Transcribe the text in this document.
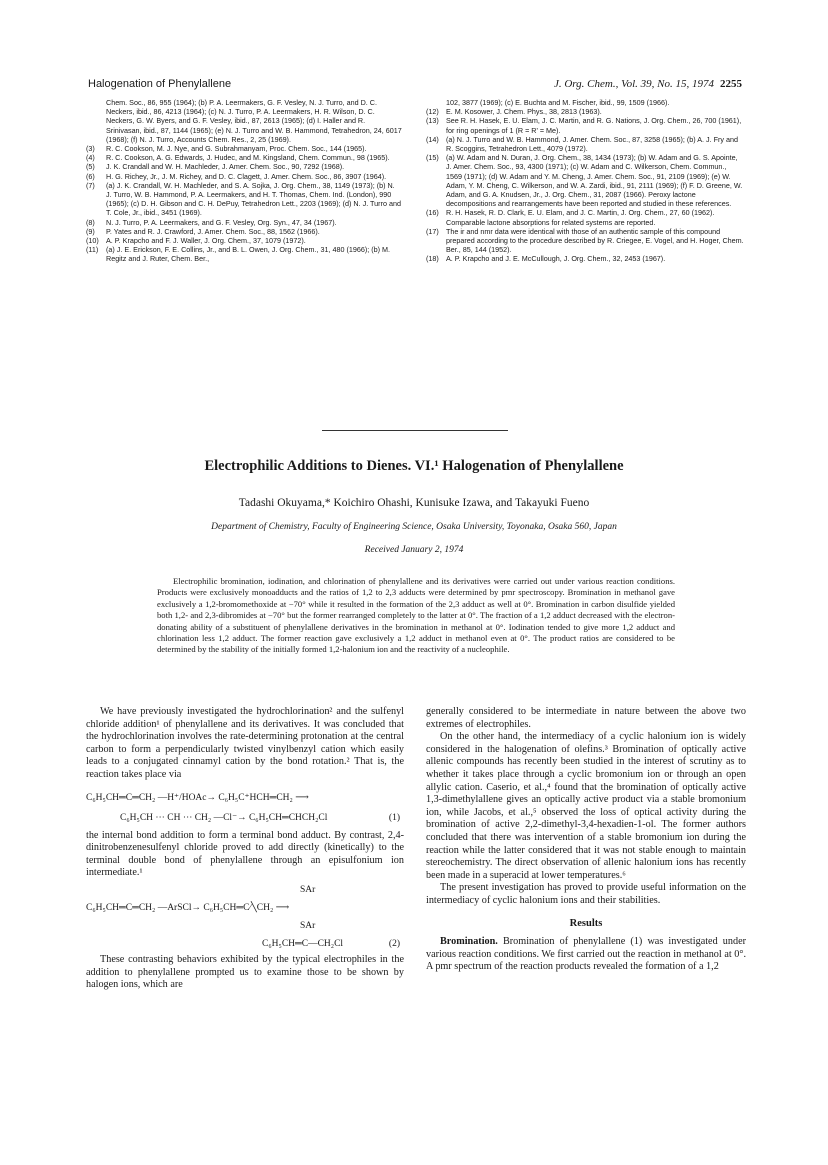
Halogenation of Phenylallene	J. Org. Chem., Vol. 39, No. 15, 1974 2255

Chem. Soc., 86, 955 (1964); (b) P. A. Leermakers, G. F. Vesley, N. J. Turro, and D. C. Neckers, ibid., 86, 4213 (1964); (c) N. J. Turro, P. A. Leermakers, H. R. Wilson, D. C. Neckers, G. W. Byers, and G. F. Vesley, ibid., 87, 2613 (1965); (d) I. Haller and R. Srinivasan, ibid., 87, 1144 (1965); (e) N. J. Turro and W. B. Hammond, Tetrahedron, 24, 6017 (1968); (f) N. J. Turro, Accounts Chem. Res., 2, 25 (1969).

(3) R. C. Cookson, M. J. Nye, and G. Subrahmanyam, Proc. Chem. Soc., 144 (1965).

(4) R. C. Cookson, A. G. Edwards, J. Hudec, and M. Kingsland, Chem. Commun., 98 (1965).

(5) J. K. Crandall and W. H. Machleder, J. Amer. Chem. Soc., 90, 7292 (1968).

(6) H. G. Richey, Jr., J. M. Richey, and D. C. Clagett, J. Amer. Chem. Soc., 86, 3907 (1964).

(7) (a) J. K. Crandall, W. H. Machleder, and S. A. Sojka, J. Org. Chem., 38, 1149 (1973); (b) N. J. Turro, W. B. Hammond, P. A. Leermakers, and H. T. Thomas, Chem. Ind. (London), 990 (1965); (c) D. H. Gibson and C. H. DePuy, Tetrahedron Lett., 2203 (1969); (d) N. J. Turro and T. Cole, Jr., ibid., 3451 (1969).

(8) N. J. Turro, P. A. Leermakers, and G. F. Vesley, Org. Syn., 47, 34 (1967).

(9) P. Yates and R. J. Crawford, J. Amer. Chem. Soc., 88, 1562 (1966).

(10) A. P. Krapcho and F. J. Waller, J. Org. Chem., 37, 1079 (1972).

(11) (a) J. E. Erickson, F. E. Collins, Jr., and B. L. Owen, J. Org. Chem., 31, 480 (1966); (b) M. Regitz and J. Ruter, Chem. Ber.,

102, 3877 (1969); (c) E. Buchta and M. Fischer, ibid., 99, 1509 (1966).

(12) E. M. Kosower, J. Chem. Phys., 38, 2813 (1963).

(13) See R. H. Hasek, E. U. Elam, J. C. Martin, and R. G. Nations, J. Org. Chem., 26, 700 (1961), for ring openings of 1 (R = R' = Me).

(14) (a) N. J. Turro and W. B. Hammond, J. Amer. Chem. Soc., 87, 3258 (1965); (b) A. J. Fry and R. Scoggins, Tetrahedron Lett., 4079 (1972).

(15) (a) W. Adam and N. Duran, J. Org. Chem., 38, 1434 (1973); (b) W. Adam and G. S. Apointe, J. Amer. Chem. Soc., 93, 4300 (1971); (c) W. Adam and C. Wilkerson, Chem. Commun., 1569 (1971); (d) W. Adam and Y. M. Cheng, J. Amer. Chem. Soc., 91, 2109 (1969); (e) W. Adam, Y. M. Cheng, C. Wilkerson, and W. A. Zardi, ibid., 91, 2111 (1969); (f) F. D. Greene, W. Adam, and G. A. Knudsen, Jr., J. Org. Chem., 31, 2087 (1966). Peroxy lactone decompositions and rearrangements have been reported and studied in these references.

(16) R. H. Hasek, R. D. Clark, E. U. Elam, and J. C. Martin, J. Org. Chem., 27, 60 (1962). Comparable lactone absorptions for related systems are reported.

(17) The ir and nmr data were identical with those of an authentic sample of this compound prepared according to the procedure described by R. Criegee, E. Vogel, and H. Hoger, Chem. Ber., 85, 144 (1952).

(18) A. P. Krapcho and J. E. McCullough, J. Org. Chem., 32, 2453 (1967).

Electrophilic Additions to Dienes. VI.¹ Halogenation of Phenylallene
Tadashi Okuyama,* Koichiro Ohashi, Kunisuke Izawa, and Takayuki Fueno
Department of Chemistry, Faculty of Engineering Science, Osaka University, Toyonaka, Osaka 560, Japan
Received January 2, 1974

Electrophilic bromination, iodination, and chlorination of phenylallene and its derivatives were carried out under various reaction conditions. Products were exclusively monoadducts and the ratios of 1,2 to 2,3 adducts were determined by pmr spectroscopy. Bromination in methanol gave exclusively a 1,2-bromomethoxide at −70° while it resulted in the formation of the 2,3 adduct as well at 0°. Bromination in carbon disulfide yielded both 1,2- and 2,3-dibromides at −70° but the former rearranged completely to the latter at 0°. The fraction of a 1,2 adduct decreased with the electron-donating ability of a substituent of phenylallene derivatives in the bromination in methanol at 0°. Iodination tended to give more 1,2 adduct and chlorination less 1,2 adduct. The former reaction gave exclusively a 1,2 adduct in methanol even at 0°. The product ratios are considered to be determined by the stability of the initially formed 1,2-halonium ion and the reactivity of a nucleophile.

We have previously investigated the hydrochlorination² and the sulfenyl chloride addition¹ of phenylallene and its derivatives. It was concluded that the hydrochlorination involves the rate-determining protonation at the central carbon to form a perpendicularly twisted vinylbenzyl cation which easily leads to a conjugated cinnamyl cation by the bond rotation.² That is, the reaction takes place via

C₆H₅CH═C═CH₂ ―H⁺/HOAc→ C₆H₅C⁺HCH═CH₂ ⟶
C₆H₅CH ⋯ CH ⋯ CH₂ ―Cl⁻→ C₆H₅CH═CHCH₂Cl	(1)

the internal bond addition to form a terminal bond adduct. By contrast, 2,4-dinitrobenzenesulfenyl chloride proved to add directly (kinetically) to the terminal double bond of phenylallene through an episulfonium ion intermediate.¹

SAr
C₆H₅CH═C═CH₂ ―ArSCl→ C₆H₅CH═C⁄╲CH₂ ⟶
SAr
C₆H₅CH═C—CH₂Cl	(2)

These contrasting behaviors exhibited by the typical electrophiles in the addition to phenylallene prompted us to examine those to be shown by halogen ions, which are

generally considered to be intermediate in nature between the above two extremes of electrophiles.

On the other hand, the intermediacy of a cyclic halonium ion is widely considered in the halogenation of olefins.³ Bromination of optically active allenic compounds has recently been studied in the interest of scrutiny as to whether it takes place through a cyclic bromonium ion or through an open allylic cation. Caserio, et al.,⁴ found that the bromination of optically active 1,3-dimethylallene gives an optically active product via a stable bromonium ion, while Jacobs, et al.,⁵ observed the loss of optical activity during the bromination of active 2,2-dimethyl-3,4-hexadien-1-ol. The former authors concluded that there was intervention of a stable bromonium ion during the reaction while the latter considered that it was not stable enough to maintain stereochemistry. The direct observation of allenic halonium ions has recently been made in a superacid at lower temperatures.⁶

The present investigation has proved to provide useful information on the intermediacy of cyclic halonium ions and their stabilities.

Results

Bromination. Bromination of phenylallene (1) was investigated under various reaction conditions. We first carried out the reaction in methanol at 0°. A pmr spectrum of the reaction products revealed the formation of a 1,2
